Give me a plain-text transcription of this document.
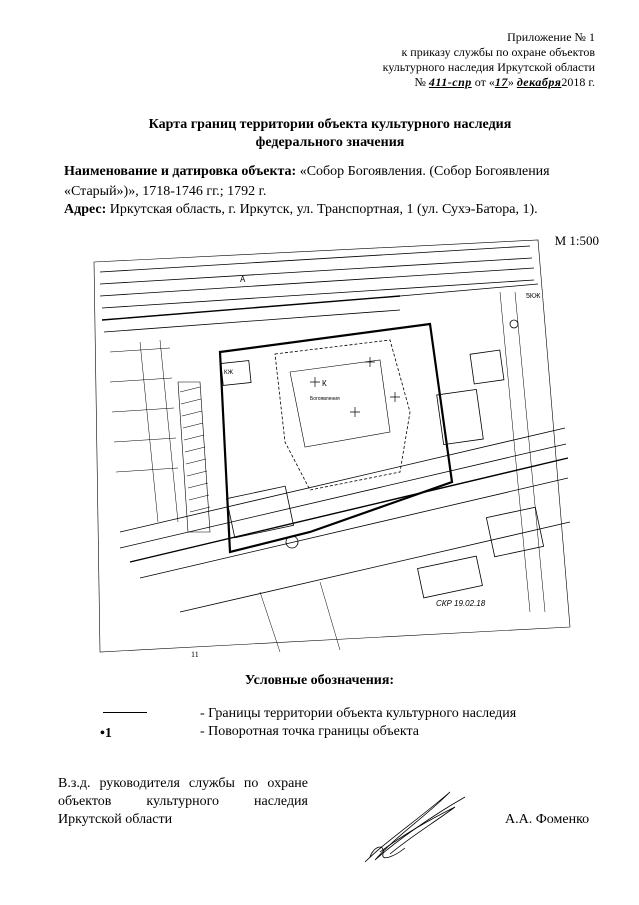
Приложение № 1
к приказу службы по охране объектов
культурного наследия Иркутской области
№ 411-спр от «17» декабря2018 г.
Карта границ территории объекта культурного наследия
федерального значения
Наименование и датировка объекта: «Собор Богоявления. (Собор Богоявления «Старый»)», 1718-1746 гг.; 1792 г.
Адрес: Иркутская область, г. Иркутск, ул. Транспортная, 1 (ул. Сухэ-Батора, 1).
М 1:500
К
А
КЖ
5КЖ
Богоявления
СКР 19.02.18
11
Условные обозначения:
- Границы территории объекта культурного наследия
•1	- Поворотная точка границы объекта
В.з.д. руководителя службы по охране объектов культурного наследия Иркутской области	А.А. Фоменко
